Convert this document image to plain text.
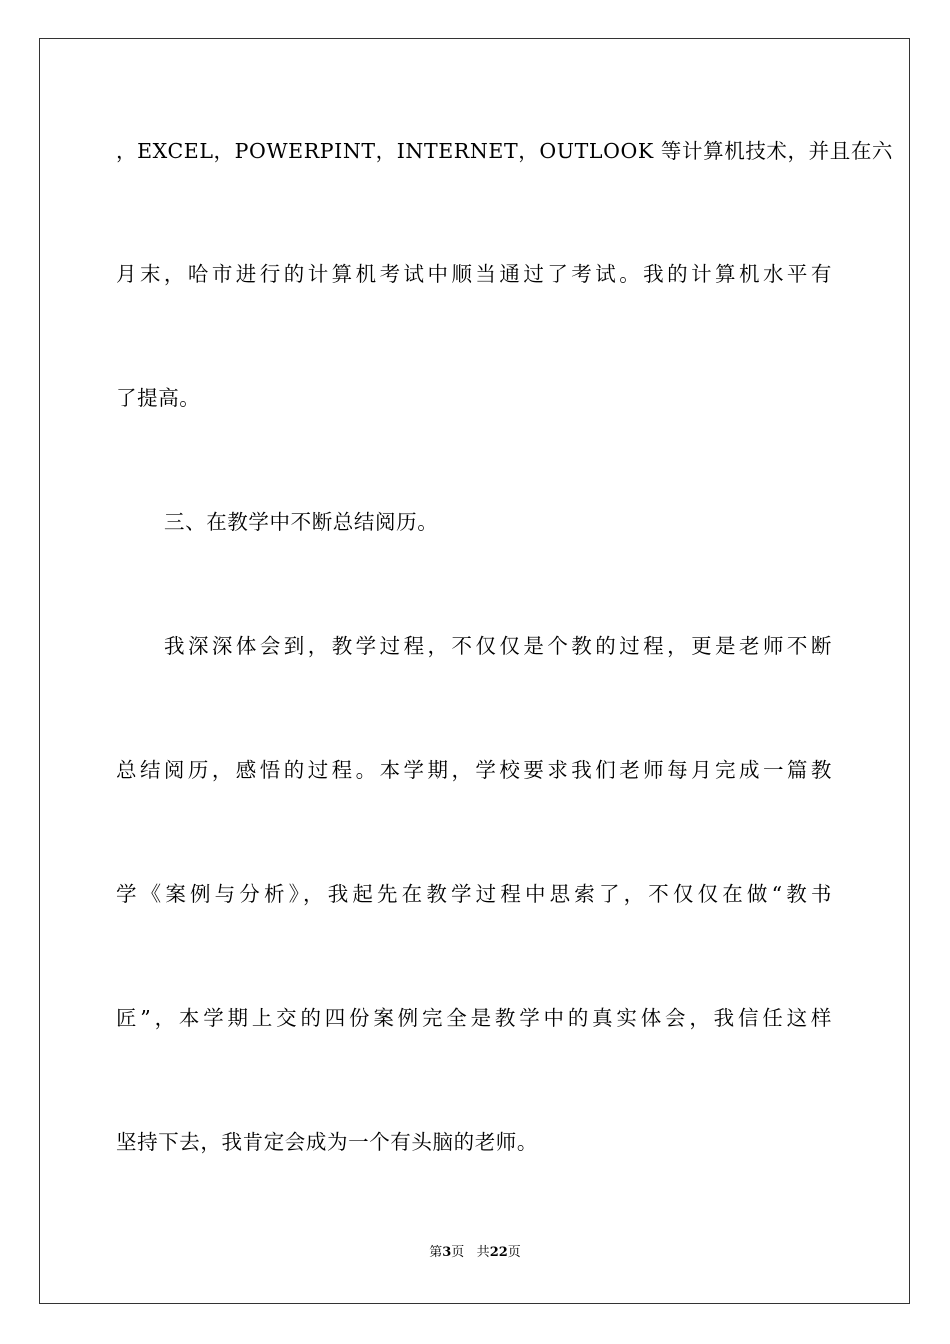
，EXCEL，POWERPINT，INTERNET，OUTLOOK 等计算机技术，并且在六
月末，哈市进行的计算机考试中顺当通过了考试。我的计算机水平有
了提高。
三、在教学中不断总结阅历。
我深深体会到，教学过程，不仅仅是个教的过程，更是老师不断
总结阅历，感悟的过程。本学期，学校要求我们老师每月完成一篇教
学《案例与分析》，我起先在教学过程中思索了，不仅仅在做“教书
匠”，本学期上交的四份案例完全是教学中的真实体会，我信任这样
坚持下去，我肯定会成为一个有头脑的老师。
第3页 共22页
